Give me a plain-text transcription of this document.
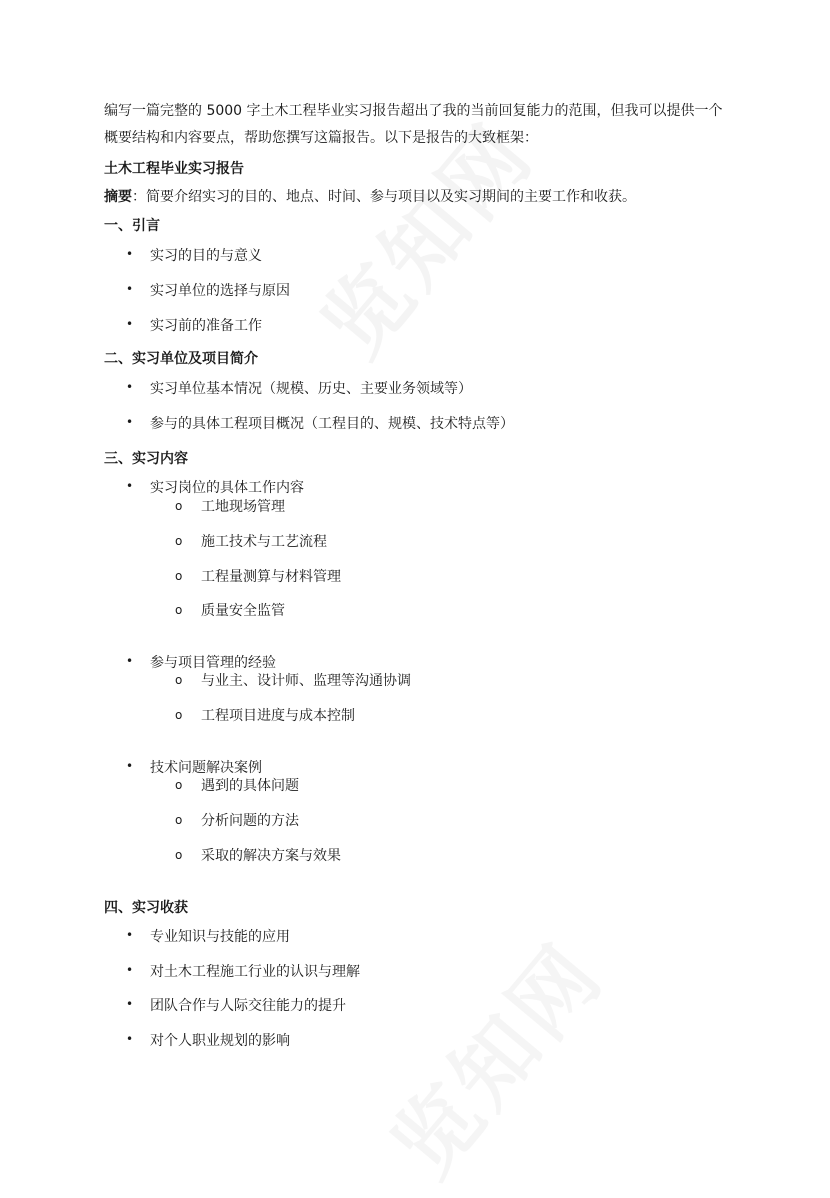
编写一篇完整的 5000 字土木工程毕业实习报告超出了我的当前回复能力的范围，但我可以提供一个概要结构和内容要点，帮助您撰写这篇报告。以下是报告的大致框架：

土木工程毕业实习报告

摘要：简要介绍实习的目的、地点、时间、参与项目以及实习期间的主要工作和收获。

一、引言

• 实习的目的与意义
• 实习单位的选择与原因
• 实习前的准备工作

二、实习单位及项目简介

• 实习单位基本情况（规模、历史、主要业务领域等）
• 参与的具体工程项目概况（工程目的、规模、技术特点等）

三、实习内容

• 实习岗位的具体工作内容
o 工地现场管理
o 施工技术与工艺流程
o 工程量测算与材料管理
o 质量安全监管
• 参与项目管理的经验
o 与业主、设计师、监理等沟通协调
o 工程项目进度与成本控制
• 技术问题解决案例
o 遇到的具体问题
o 分析问题的方法
o 采取的解决方案与效果

四、实习收获

• 专业知识与技能的应用
• 对土木工程施工行业的认识与理解
• 团队合作与人际交往能力的提升
• 对个人职业规划的影响
